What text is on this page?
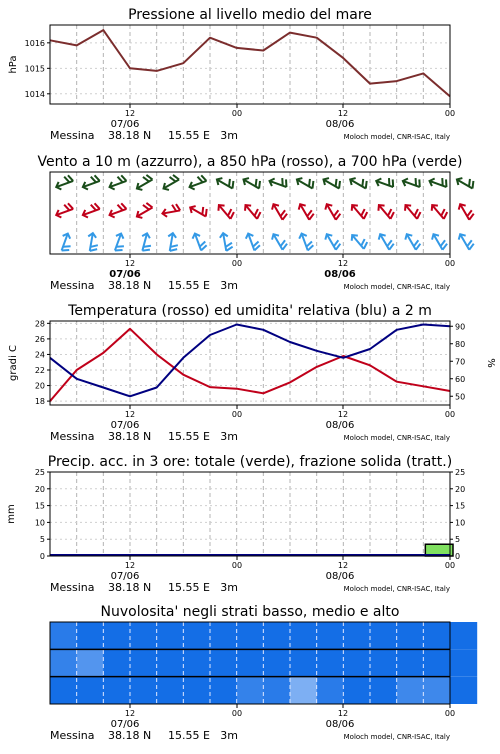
1014
1015
1016
Pressione al livello medio del mare
hPa
12	00	12	00
07/06	08/06
Messina 38.18 N 15.55 E 3m	Moloch model, CNR-ISAC, Italy
Vento a 10 m (azzurro), a 850 hPa (rosso), a 700 hPa (verde)
12	00	12	00
07/06	08/06
Messina 38.18 N 15.55 E 3m	Moloch model, CNR-ISAC, Italy
18
20
22
24
26
28
50
60
70
80
90
Temperatura (rosso) ed umidita' relativa (blu) a 2 m
gradi C	%
12	00	12	00
07/06	08/06
Messina 38.18 N 15.55 E 3m	Moloch model, CNR-ISAC, Italy
0
5
10
15
20
25
0
5
10
15
20
25
Precip. acc. in 3 ore: totale (verde), frazione solida (tratt.)
mm
12	00	12	00
07/06	08/06
Messina 38.18 N 15.55 E 3m	Moloch model, CNR-ISAC, Italy
Nuvolosita' negli strati basso, medio e alto
12	00	12	00
07/06	08/06
Messina 38.18 N 15.55 E 3m	Moloch model, CNR-ISAC, Italy
